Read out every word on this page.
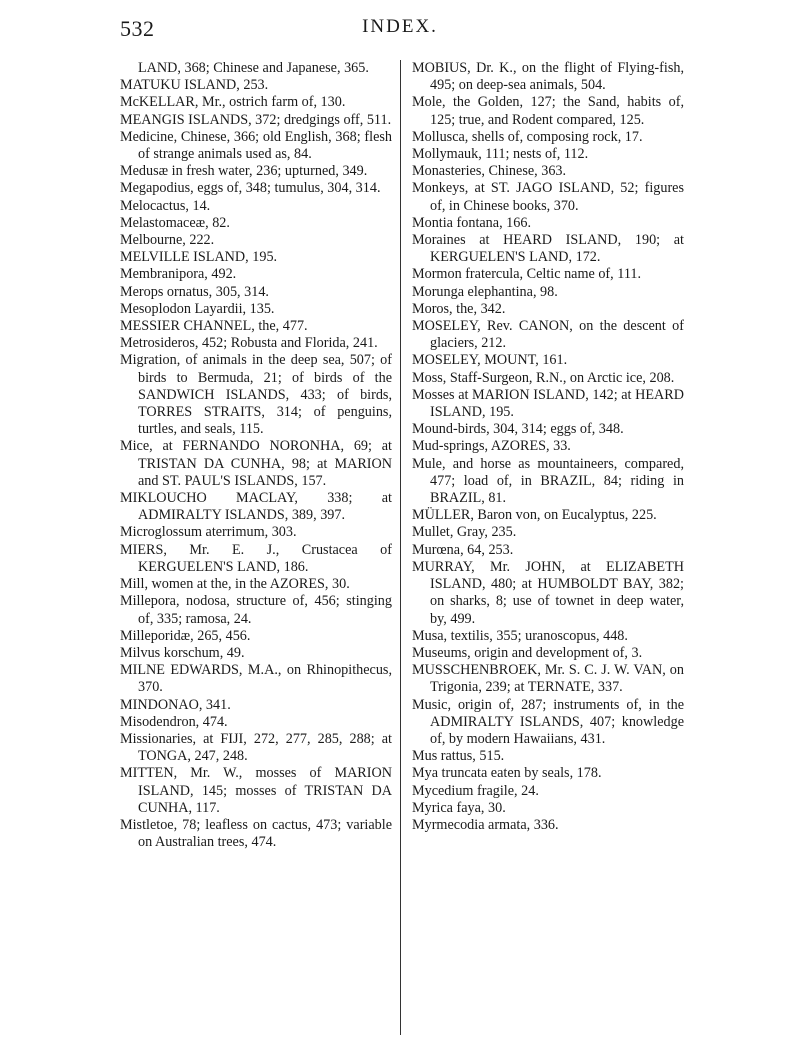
532	INDEX.

LAND, 368; Chinese and Japanese, 365.

MATUKU ISLAND, 253.

McKELLAR, Mr., ostrich farm of, 130.

MEANGIS ISLANDS, 372; dredgings off, 511.

Medicine, Chinese, 366; old English, 368; flesh of strange animals used as, 84.

Medusæ in fresh water, 236; upturned, 349.

Megapodius, eggs of, 348; tumulus, 304, 314.

Melocactus, 14.

Melastomaceæ, 82.

Melbourne, 222.

MELVILLE ISLAND, 195.

Membranipora, 492.

Merops ornatus, 305, 314.

Mesoplodon Layardii, 135.

MESSIER CHANNEL, the, 477.

Metrosideros, 452; Robusta and Florida, 241.

Migration, of animals in the deep sea, 507; of birds to Bermuda, 21; of birds of the SANDWICH ISLANDS, 433; of birds, TORRES STRAITS, 314; of penguins, turtles, and seals, 115.

Mice, at FERNANDO NORONHA, 69; at TRISTAN DA CUNHA, 98; at MARION and ST. PAUL'S ISLANDS, 157.

MIKLOUCHO MACLAY, 338; at ADMIRALTY ISLANDS, 389, 397.

Microglossum aterrimum, 303.

MIERS, Mr. E. J., Crustacea of KERGUELEN'S LAND, 186.

Mill, women at the, in the AZORES, 30.

Millepora, nodosa, structure of, 456; stinging of, 335; ramosa, 24.

Milleporidæ, 265, 456.

Milvus korschum, 49.

MILNE EDWARDS, M.A., on Rhinopithecus, 370.

MINDONAO, 341.

Misodendron, 474.

Missionaries, at FIJI, 272, 277, 285, 288; at TONGA, 247, 248.

MITTEN, Mr. W., mosses of MARION ISLAND, 145; mosses of TRISTAN DA CUNHA, 117.

Mistletoe, 78; leafless on cactus, 473; variable on Australian trees, 474.

MOBIUS, Dr. K., on the flight of Flying-fish, 495; on deep-sea animals, 504.

Mole, the Golden, 127; the Sand, habits of, 125; true, and Rodent compared, 125.

Mollusca, shells of, composing rock, 17.

Mollymauk, 111; nests of, 112.

Monasteries, Chinese, 363.

Monkeys, at ST. JAGO ISLAND, 52; figures of, in Chinese books, 370.

Montia fontana, 166.

Moraines at HEARD ISLAND, 190; at KERGUELEN'S LAND, 172.

Mormon fratercula, Celtic name of, 111.

Morunga elephantina, 98.

Moros, the, 342.

MOSELEY, Rev. CANON, on the descent of glaciers, 212.

MOSELEY, MOUNT, 161.

Moss, Staff-Surgeon, R.N., on Arctic ice, 208.

Mosses at MARION ISLAND, 142; at HEARD ISLAND, 195.

Mound-birds, 304, 314; eggs of, 348.

Mud-springs, AZORES, 33.

Mule, and horse as mountaineers, compared, 477; load of, in BRAZIL, 84; riding in BRAZIL, 81.

MÜLLER, Baron von, on Eucalyptus, 225.

Mullet, Gray, 235.

Murœna, 64, 253.

MURRAY, Mr. JOHN, at ELIZABETH ISLAND, 480; at HUMBOLDT BAY, 382; on sharks, 8; use of townet in deep water, by, 499.

Musa, textilis, 355; uranoscopus, 448.

Museums, origin and development of, 3.

MUSSCHENBROEK, Mr. S. C. J. W. VAN, on Trigonia, 239; at TERNATE, 337.

Music, origin of, 287; instruments of, in the ADMIRALTY ISLANDS, 407; knowledge of, by modern Hawaiians, 431.

Mus rattus, 515.

Mya truncata eaten by seals, 178.

Mycedium fragile, 24.

Myrica faya, 30.

Myrmecodia armata, 336.
